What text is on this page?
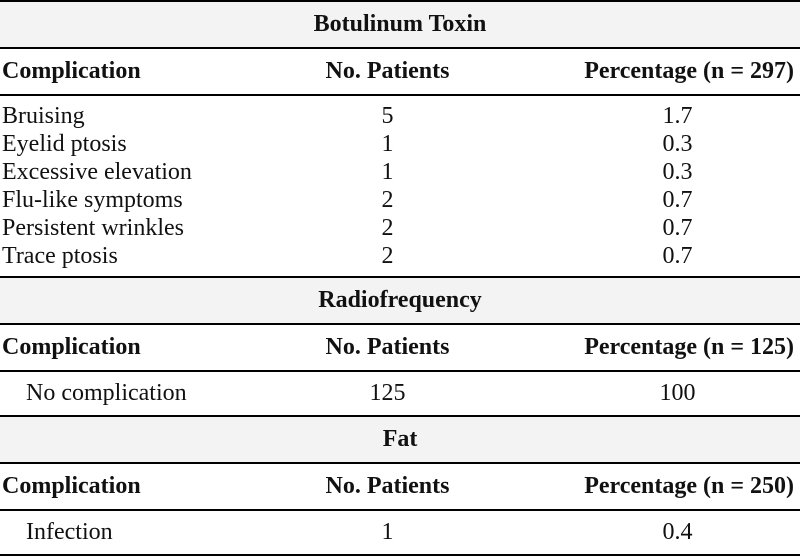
Botulinum Toxin		
Complication	No. Patients	Percentage (n = 297)
Bruising	5	1.7
Eyelid ptosis	1	0.3
Excessive elevation	1	0.3
Flu-like symptoms	2	0.7
Persistent wrinkles	2	0.7
Trace ptosis	2	0.7
Radiofrequency		
Complication	No. Patients	Percentage (n = 125)
No complication	125	100
Fat		
Complication	No. Patients	Percentage (n = 250)
Infection	1	0.4
